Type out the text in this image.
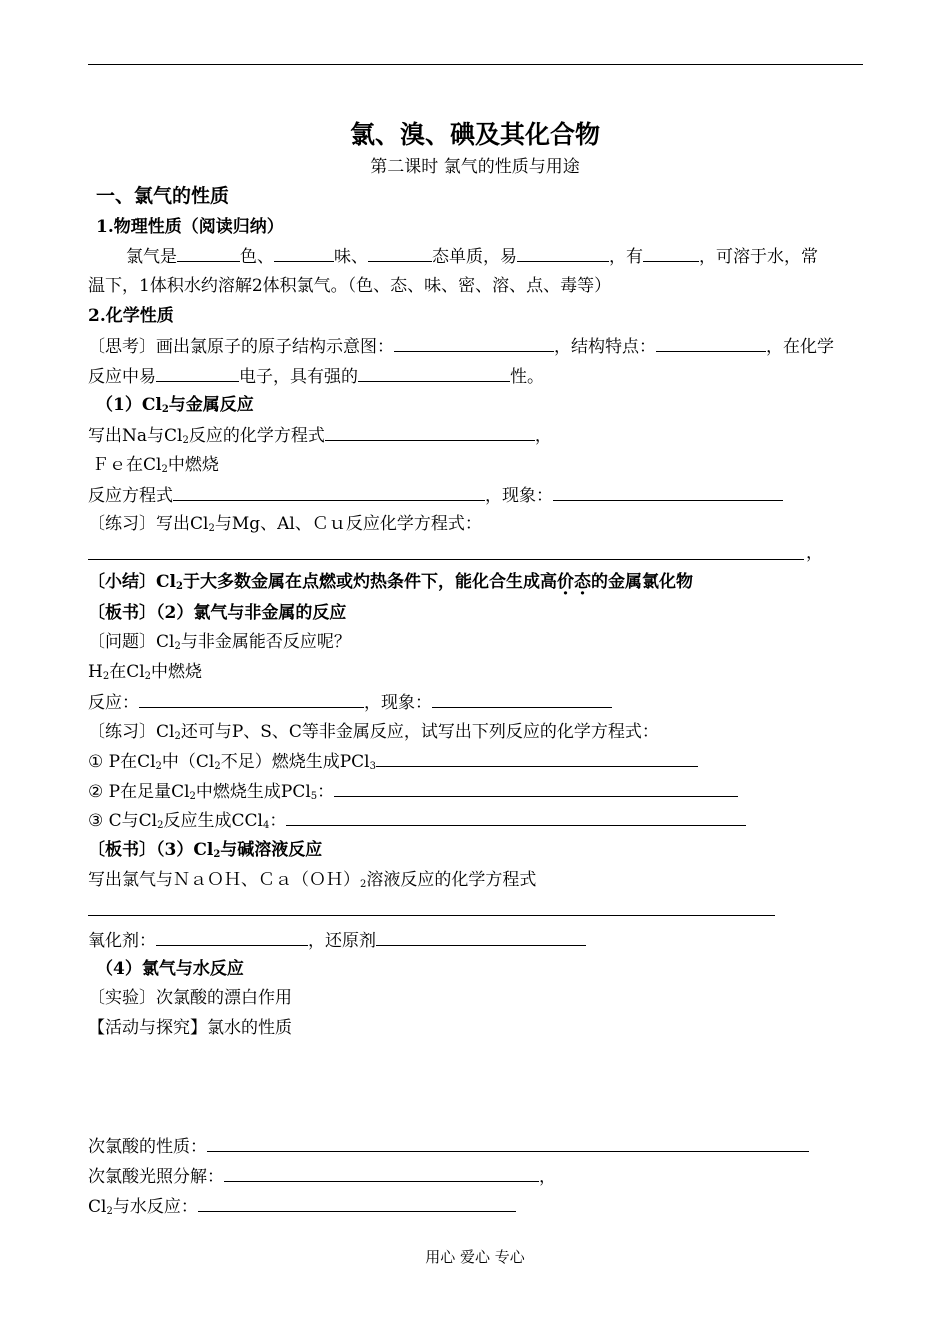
氯、溴、碘及其化合物
第二课时 氯气的性质与用途
一、氯气的性质
1.物理性质（阅读归纳）
氯气是	色、	味、	态单质，易	，有	，可溶于水，常
温下，1体积水约溶解2体积氯气。（色、态、味、密、溶、点、毒等）
2.化学性质
〔思考〕画出氯原子的原子结构示意图：	，结构特点：	，在化学
反应中易	电子，具有强的	性。
$(1)Cl_2$与金属反应
写出Na与$Cl_2$反应的化学方程式	，
Ｆｅ在$Cl_2$中燃烧
反应方程式	，现象：
〔练习〕写出$Cl_2$与Mg、Al、Ｃｕ反应化学方程式：
，
〔小结〕$Cl_2$于大多数金属在点燃或灼热条件下，能化合生成高价态的金属氯化物
〔板书〕（2）氯气与非金属的反应
〔问题〕$Cl_2$与非金属能否反应呢？
$H_2$在$Cl_2$中燃烧
反应：	，现象：
〔练习〕$Cl_2$还可与P、S、C等非金属反应，试写出下列反应的化学方程式：
① P在$Cl_2$中（$Cl_2$不足）燃烧生成PCl$_3$
② P在足量$Cl_2$中燃烧生成PCl$_5$：
③ C与$Cl_2$反应生成CCl$_4$：
〔板书〕$(3)Cl_2$与碱溶液反应
写出氯气与ＮａＯＨ、$Ca(OH)_2$溶液反应的化学方程式
氧化剂：	，还原剂
（4）氯气与水反应
〔实验〕次氯酸的漂白作用
【活动与探究】氯水的性质
次氯酸的性质：
次氯酸光照分解：	，
$Cl_2$与水反应：
用心 爱心 专心
